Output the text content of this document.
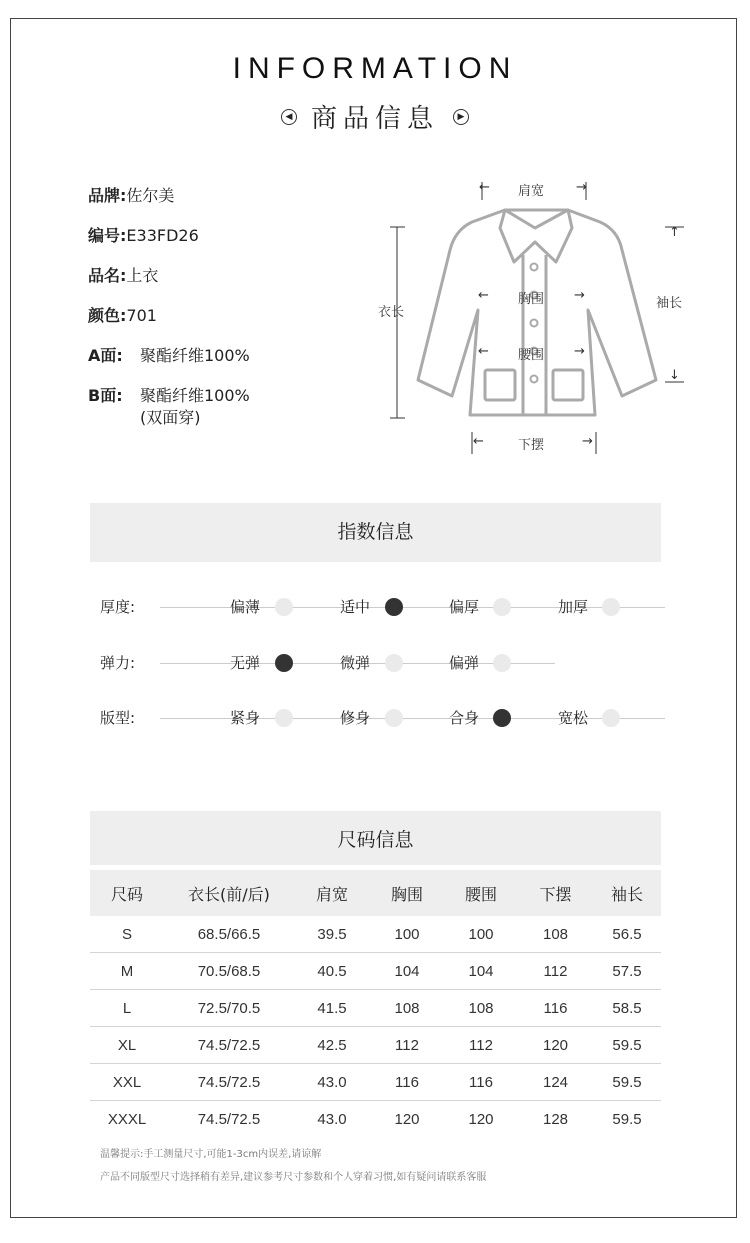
INFORMATION
◀ 商品信息 ▶
品牌:佐尔美
编号:E33FD26
品名:上衣
颜色:701
A面: 聚酯纤维100%
B面: 聚酯纤维100%
(双面穿)
← 肩宽 →
衣长
← 胸围 →
← 腰围 →
袖长
↑
↓
←	下摆	→
指数信息
厚度:	偏薄	适中	偏厚	加厚
弹力:	无弹	微弹	偏弹
版型:	紧身	修身	合身	宽松
尺码信息
尺码	衣长(前/后)	肩宽	胸围	腰围	下摆	袖长
S	68.5/66.5	39.5	100	100	108	56.5
M	70.5/68.5	40.5	104	104	112	57.5
L	72.5/70.5	41.5	108	108	116	58.5
XL	74.5/72.5	42.5	112	112	120	59.5
XXL	74.5/72.5	43.0	116	116	124	59.5
XXXL	74.5/72.5	43.0	120	120	128	59.5
温馨提示:手工测量尺寸,可能1-3cm内误差,请谅解
产品不同版型尺寸选择稍有差异,建议参考尺寸参数和个人穿着习惯,如有疑问请联系客服
